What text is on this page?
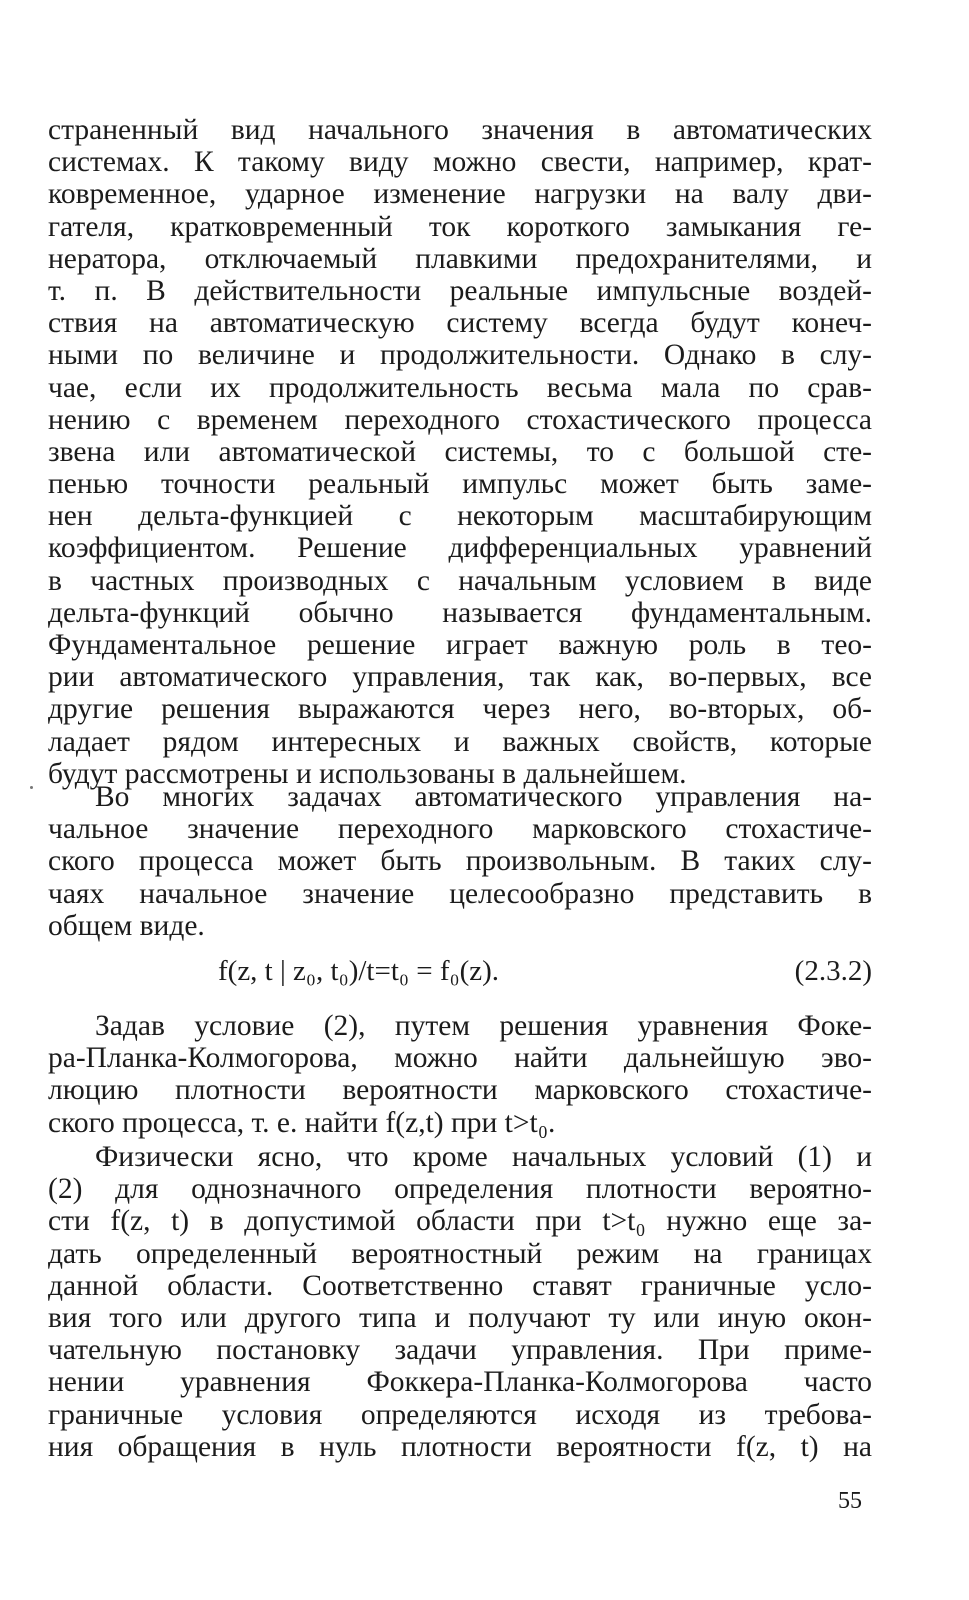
страненный вид начального значения в автоматических
системах. К такому виду можно свести, например, крат-
ковременное, ударное изменение нагрузки на валу дви-
гателя, кратковременный ток короткого замыкания ге-
нератора, отключаемый плавкими предохранителями, и
т. п. В действительности реальные импульсные воздей-
ствия на автоматическую систему всегда будут конеч-
ными по величине и продолжительности. Однако в слу-
чае, если их продолжительность весьма мала по срав-
нению с временем переходного стохастического процесса
звена или автоматической системы, то с большой сте-
пенью точности реальный импульс может быть заме-
нен дельта-функцией с некоторым масштабирующим
коэффициентом. Решение дифференциальных уравнений
в частных производных с начальным условием в виде
дельта-функций обычно называется фундаментальным.
Фундаментальное решение играет важную роль в тео-
рии автоматического управления, так как, во-первых, все
другие решения выражаются через него, во-вторых, об-
ладает рядом интересных и важных свойств, которые
будут рассмотрены и использованы в дальнейшем.
Во многих задачах автоматического управления на-
чальное значение переходного марковского стохастиче-
ского процесса может быть произвольным. В таких слу-
чаях начальное значение целесообразно представить в
общем виде.
f(z, t | z₀, t₀)/t=t₀ = f₀(z).	(2.3.2)
Задав условие (2), путем решения уравнения Фоке-
ра-Планка-Колмогорова, можно найти дальнейшую эво-
люцию плотности вероятности марковского стохастиче-
ского процесса, т. е. найти f(z,t) при t>t₀.
Физически ясно, что кроме начальных условий (1) и
(2) для однозначного определения плотности вероятно-
сти f(z, t) в допустимой области при t>t₀ нужно еще за-
дать определенный вероятностный режим на границах
данной области. Соответственно ставят граничные усло-
вия того или другого типа и получают ту или иную окон-
чательную постановку задачи управления. При приме-
нении уравнения Фоккера-Планка-Колмогорова часто
граничные условия определяются исходя из требова-
ния обращения в нуль плотности вероятности f(z, t) на
55
